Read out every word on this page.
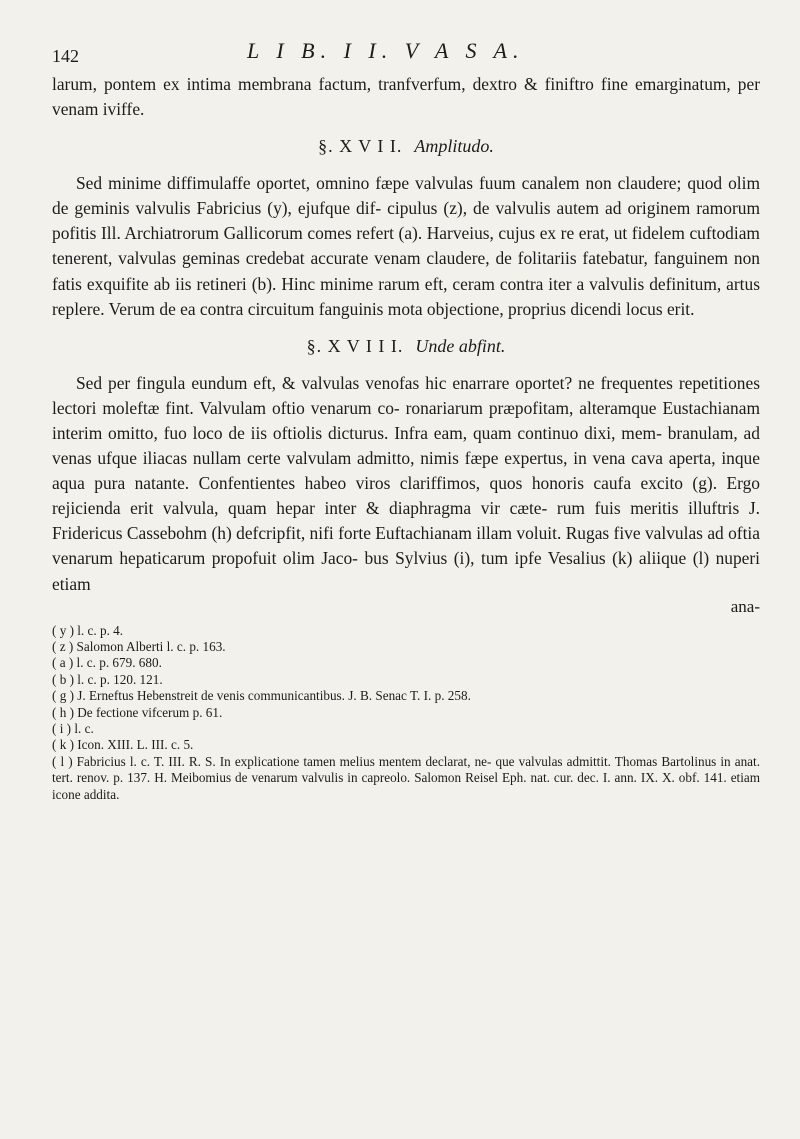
142	L I B. I I. V A S A.

larum, pontem ex intima membrana factum, tranfverfum, dextro & finiftro fine emarginatum, per venam iviffe.

§. X V I I. Amplitudo.

Sed minime diffimulaffe oportet, omnino fæpe valvulas fuum canalem non claudere; quod olim de geminis valvulis Fabricius (y), ejufque dif- cipulus (z), de valvulis autem ad originem ramorum pofitis Ill. Archiatrorum Gallicorum comes refert (a). Harveius, cujus ex re erat, ut fidelem cuftodiam tenerent, valvulas geminas credebat accurate venam claudere, de folitariis fatebatur, fanguinem non fatis exquifite ab iis retineri (b). Hinc minime rarum eft, ceram contra iter a valvulis definitum, artus replere. Verum de ea contra circuitum fanguinis mota objectione, proprius dicendi locus erit.

§. X V I I I. Unde abfint.

Sed per fingula eundum eft, & valvulas venofas hic enarrare oportet? ne frequentes repetitiones lectori moleftæ fint. Valvulam oftio venarum co- ronariarum præpofitam, alteramque Eustachianam interim omitto, fuo loco de iis oftiolis dicturus. Infra eam, quam continuo dixi, mem- branulam, ad venas ufque iliacas nullam certe valvulam admitto, nimis fæpe expertus, in vena cava aperta, inque aqua pura natante. Confentientes habeo viros clariffimos, quos honoris caufa excito (g). Ergo rejicienda erit valvula, quam hepar inter & diaphragma vir cæte- rum fuis meritis illuftris J. Fridericus Cassebohm (h) defcripfit, nifi forte Euftachianam illam voluit. Rugas five valvulas ad oftia venarum hepaticarum propofuit olim Jaco- bus Sylvius (i), tum ipfe Vesalius (k) aliique (l) nuperi etiam

ana-
( y ) l. c. p. 4.
( z ) Salomon Alberti l. c. p. 163.
( a ) l. c. p. 679. 680.
( b ) l. c. p. 120. 121.
( g ) J. Erneftus Hebenstreit de venis communicantibus. J. B. Senac T. I. p. 258.
( h ) De fectione vifcerum p. 61.
( i ) l. c.
( k ) Icon. XIII. L. III. c. 5.
( l ) Fabricius l. c. T. III. R. S. In explicatione tamen melius mentem declarat, ne- que valvulas admittit. Thomas Bartolinus in anat. tert. renov. p. 137. H. Meibomius de venarum valvulis in capreolo. Salomon Reisel Eph. nat. cur. dec. I. ann. IX. X. obf. 141. etiam icone addita.
